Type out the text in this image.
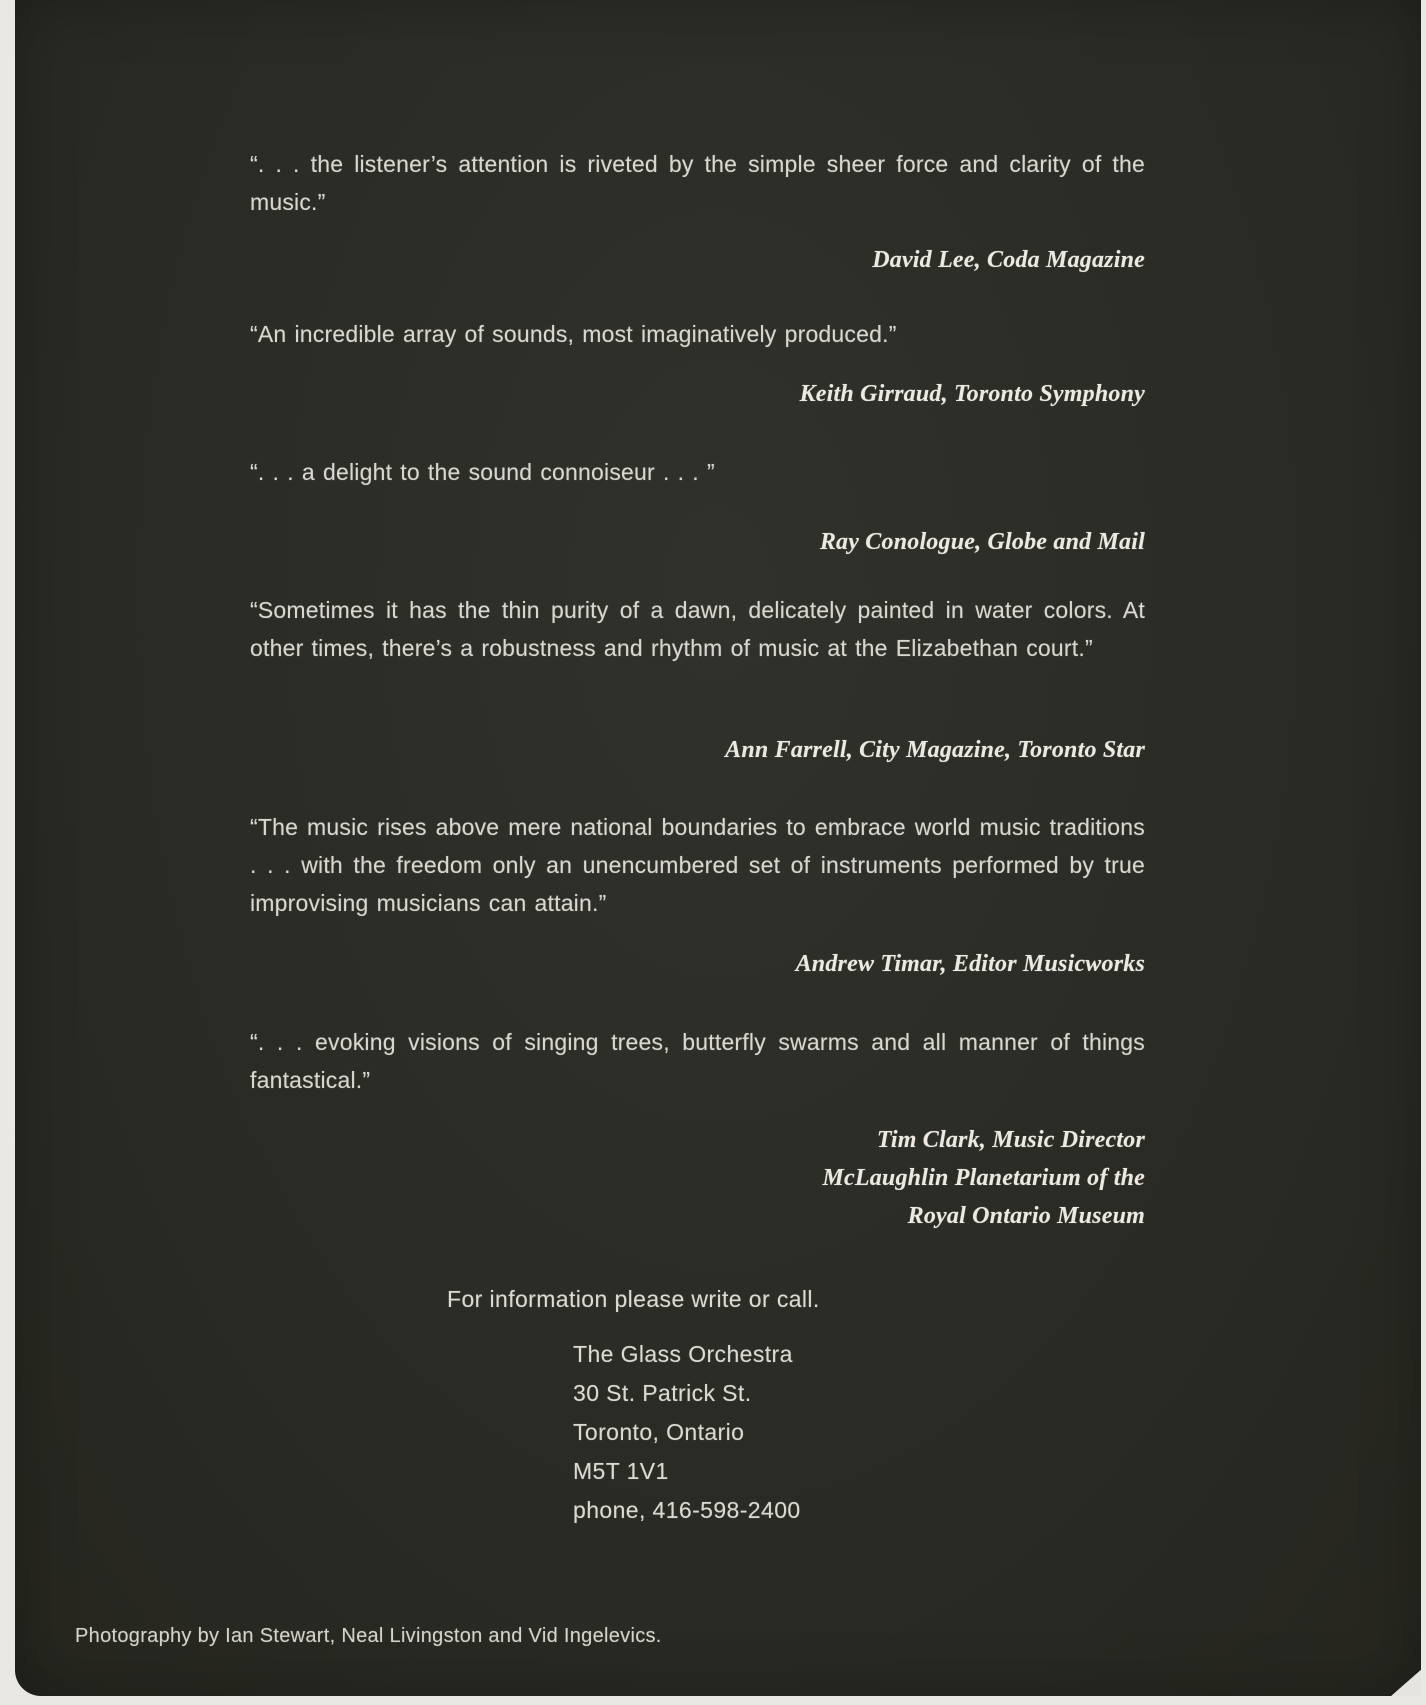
“. . . the listener’s attention is riveted by the simple sheer force and clarity of the music.”
David Lee, Coda Magazine
“An incredible array of sounds, most imaginatively produced.”
Keith Girraud, Toronto Symphony
“. . . a delight to the sound connoiseur . . . ”
Ray Conologue, Globe and Mail
“Sometimes it has the thin purity of a dawn, delicately painted in water colors. At other times, there’s a robustness and rhythm of music at the Elizabethan court.”
Ann Farrell, City Magazine, Toronto Star
“The music rises above mere national boundaries to embrace world music traditions . . . with the freedom only an unencumbered set of instruments performed by true improvising musicians can attain.”
Andrew Timar, Editor Musicworks
“. . . evoking visions of singing trees, butterfly swarms and all manner of things fantastical.”
Tim Clark, Music Director
McLaughlin Planetarium of the
Royal Ontario Museum
For information please write or call.
The Glass Orchestra
30 St. Patrick St.
Toronto, Ontario
M5T 1V1
phone, 416-598-2400
Photography by Ian Stewart, Neal Livingston and Vid Ingelevics.
